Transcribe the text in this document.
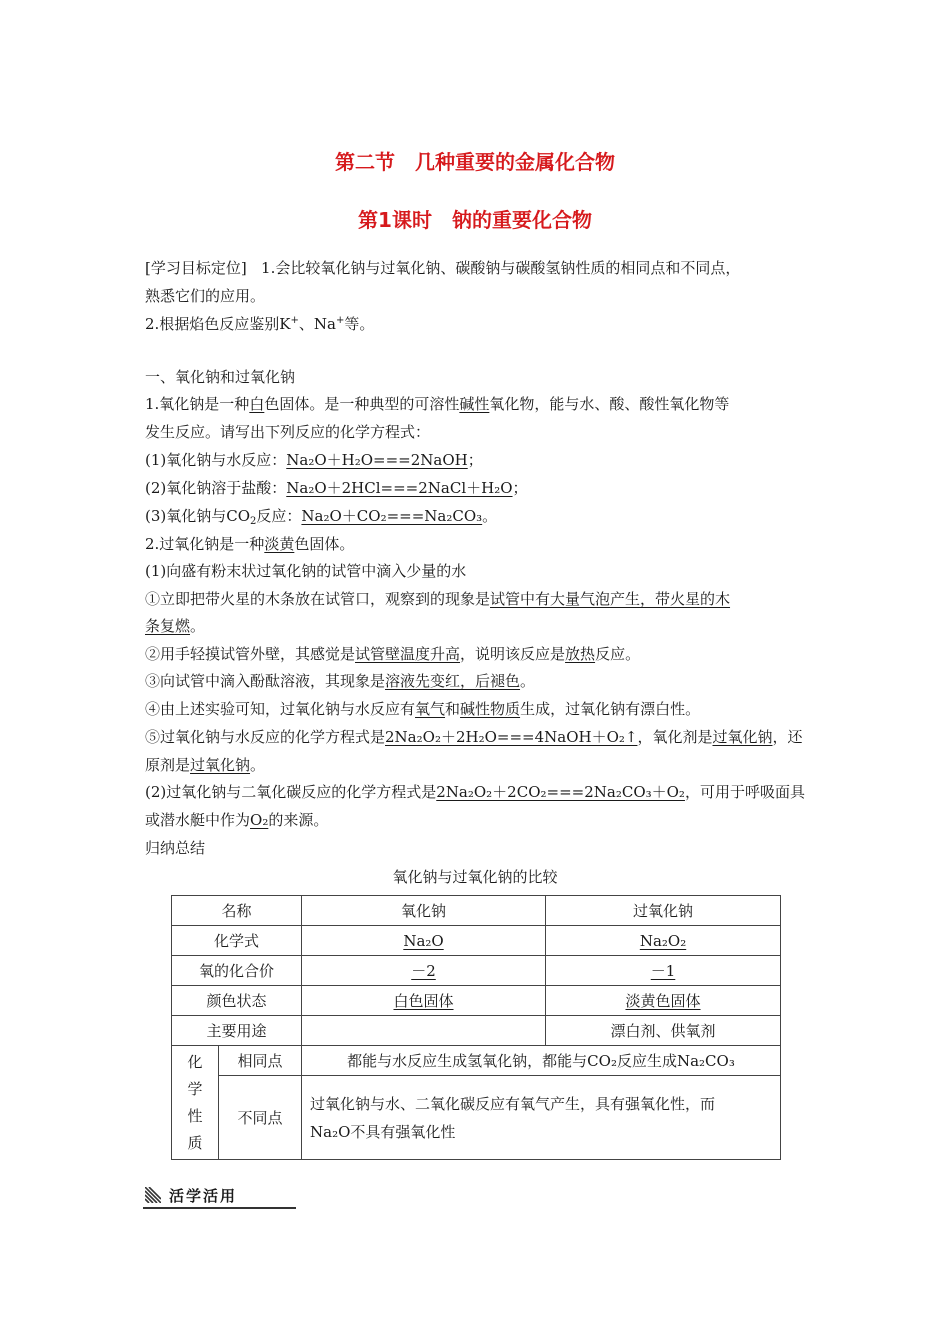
第二节　几种重要的金属化合物
第1课时　钠的重要化合物
[学习目标定位] 1.会比较氧化钠与过氧化钠、碳酸钠与碳酸氢钠性质的相同点和不同点，
熟悉它们的应用。
2.根据焰色反应鉴别K+、Na+等。
一、氧化钠和过氧化钠
1.氧化钠是一种白色固体。是一种典型的可溶性碱性氧化物，能与水、酸、酸性氧化物等
发生反应。请写出下列反应的化学方程式：
(1)氧化钠与水反应：Na₂O＋H₂O===2NaOH；
(2)氧化钠溶于盐酸：Na₂O＋2HCl===2NaCl＋H₂O；
(3)氧化钠与$CO_2$反应：Na₂O＋CO₂===Na₂CO₃。
2.过氧化钠是一种淡黄色固体。
(1)向盛有粉末状过氧化钠的试管中滴入少量的水
①立即把带火星的木条放在试管口，观察到的现象是试管中有大量气泡产生，带火星的木
条复燃。
②用手轻摸试管外壁，其感觉是试管壁温度升高，说明该反应是放热反应。
③向试管中滴入酚酞溶液，其现象是溶液先变红，后褪色。
④由上述实验可知，过氧化钠与水反应有氧气和碱性物质生成，过氧化钠有漂白性。
⑤过氧化钠与水反应的化学方程式是2Na₂O₂＋2H₂O===4NaOH＋O₂↑，氧化剂是过氧化钠，还
原剂是过氧化钠。
(2)过氧化钠与二氧化碳反应的化学方程式是2Na₂O₂＋2CO₂===2Na₂CO₃＋O₂，可用于呼吸面具
或潜水艇中作为O₂的来源。
归纳总结
氧化钠与过氧化钠的比较
名称		氧化钠	过氧化钠
化学式		Na₂O	Na₂O₂
氧的化合价		－2	－1
颜色状态		白色固体	淡黄色固体
主要用途			漂白剂、供氧剂
化
学
性
质	相同点	都能与水反应生成氢氧化钠，都能与CO₂反应生成Na₂CO₃	
	不同点	过氧化钠与水、二氧化碳反应有氧气产生，具有强氧化性，而
Na₂O不具有强氧化性	
活学活用
